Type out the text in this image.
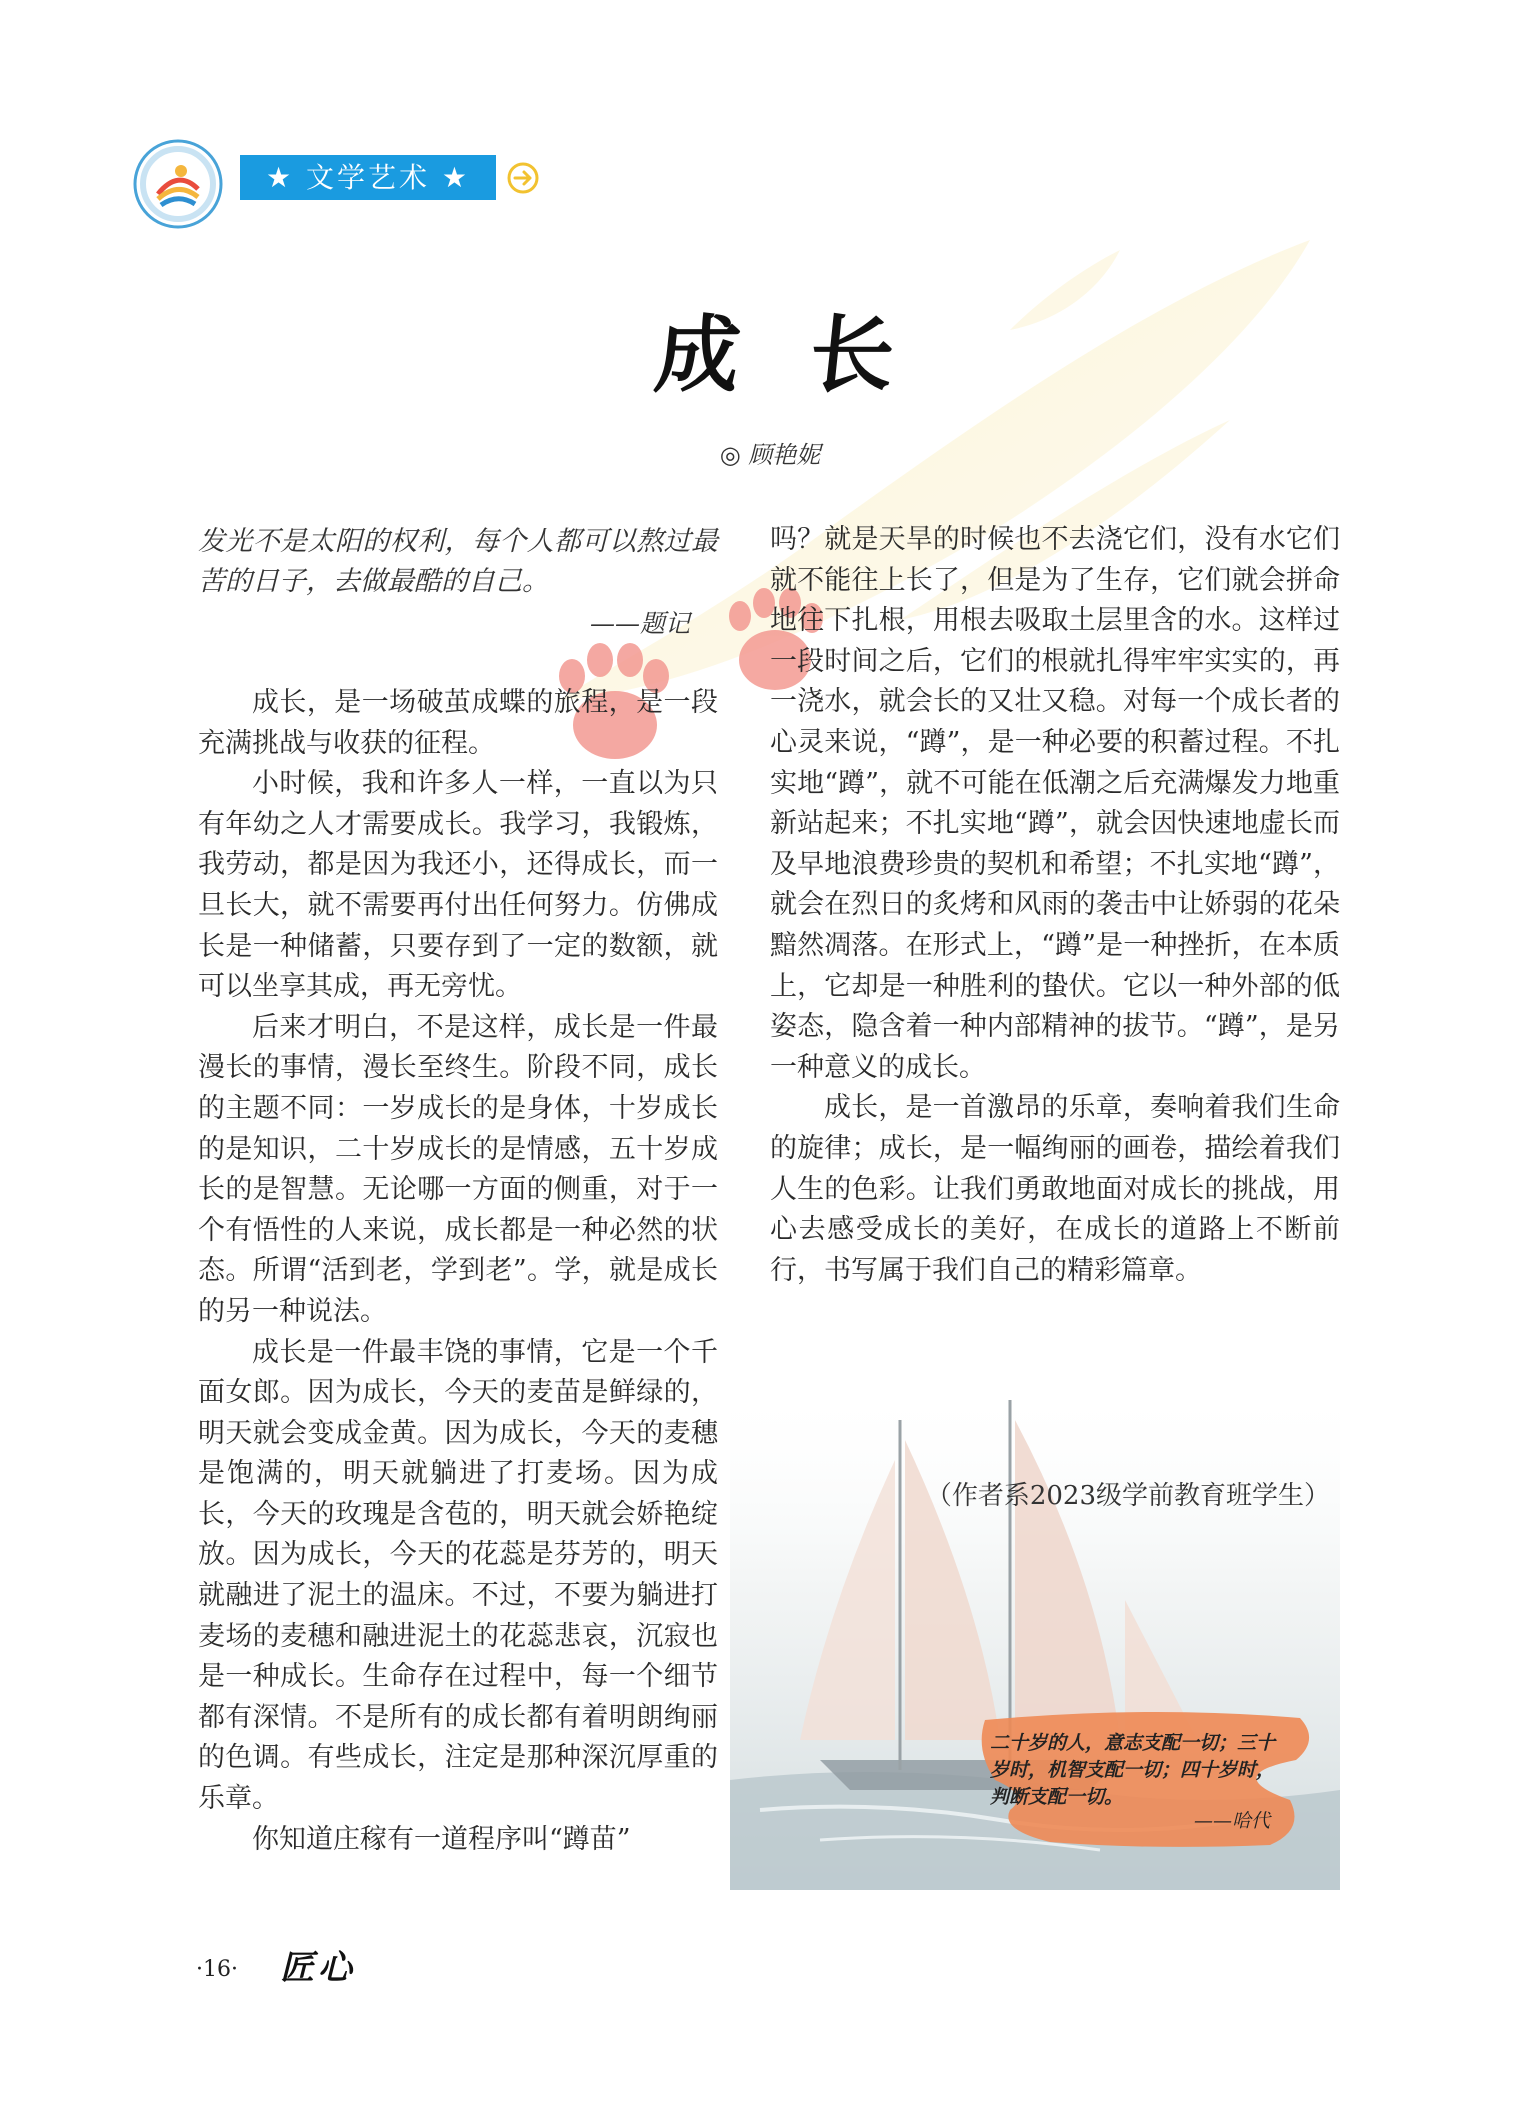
★ 文学艺术 ★
成长
◎ 顾艳妮
发光不是太阳的权利，每个人都可以熬过最苦的日子，去做最酷的自己。
——题记

成长，是一场破茧成蝶的旅程，是一段充满挑战与收获的征程。

小时候，我和许多人一样，一直以为只有年幼之人才需要成长。我学习，我锻炼，我劳动，都是因为我还小，还得成长，而一旦长大，就不需要再付出任何努力。仿佛成长是一种储蓄，只要存到了一定的数额，就可以坐享其成，再无旁忧。

后来才明白，不是这样，成长是一件最漫长的事情，漫长至终生。阶段不同，成长的主题不同：一岁成长的是身体，十岁成长的是知识，二十岁成长的是情感，五十岁成长的是智慧。无论哪一方面的侧重，对于一个有悟性的人来说，成长都是一种必然的状态。所谓“活到老，学到老”。学，就是成长的另一种说法。

成长是一件最丰饶的事情，它是一个千面女郎。因为成长，今天的麦苗是鲜绿的，明天就会变成金黄。因为成长，今天的麦穗是饱满的，明天就躺进了打麦场。因为成长，今天的玫瑰是含苞的，明天就会娇艳绽放。因为成长，今天的花蕊是芬芳的，明天就融进了泥土的温床。不过，不要为躺进打麦场的麦穗和融进泥土的花蕊悲哀，沉寂也是一种成长。生命存在过程中，每一个细节都有深情。不是所有的成长都有着明朗绚丽的色调。有些成长，注定是那种深沉厚重的乐章。

你知道庄稼有一道程序叫“蹲苗”

吗？就是天旱的时候也不去浇它们，没有水它们就不能往上长了，但是为了生存，它们就会拼命地往下扎根，用根去吸取土层里含的水。这样过一段时间之后，它们的根就扎得牢牢实实的，再一浇水，就会长的又壮又稳。对每一个成长者的心灵来说，“蹲”，是一种必要的积蓄过程。不扎实地“蹲”，就不可能在低潮之后充满爆发力地重新站起来；不扎实地“蹲”，就会因快速地虚长而及早地浪费珍贵的契机和希望；不扎实地“蹲”，就会在烈日的炙烤和风雨的袭击中让娇弱的花朵黯然凋落。在形式上，“蹲”是一种挫折，在本质上，它却是一种胜利的蛰伏。它以一种外部的低姿态，隐含着一种内部精神的拔节。“蹲”，是另一种意义的成长。

成长，是一首激昂的乐章，奏响着我们生命的旋律；成长，是一幅绚丽的画卷，描绘着我们人生的色彩。让我们勇敢地面对成长的挑战，用心去感受成长的美好，在成长的道路上不断前行，书写属于我们自己的精彩篇章。

（作者系2023级学前教育班学生）
二十岁的人，意志支配一切；三十岁时，机智支配一切；四十岁时，判断支配一切。
——哈代
·16·	匠心
